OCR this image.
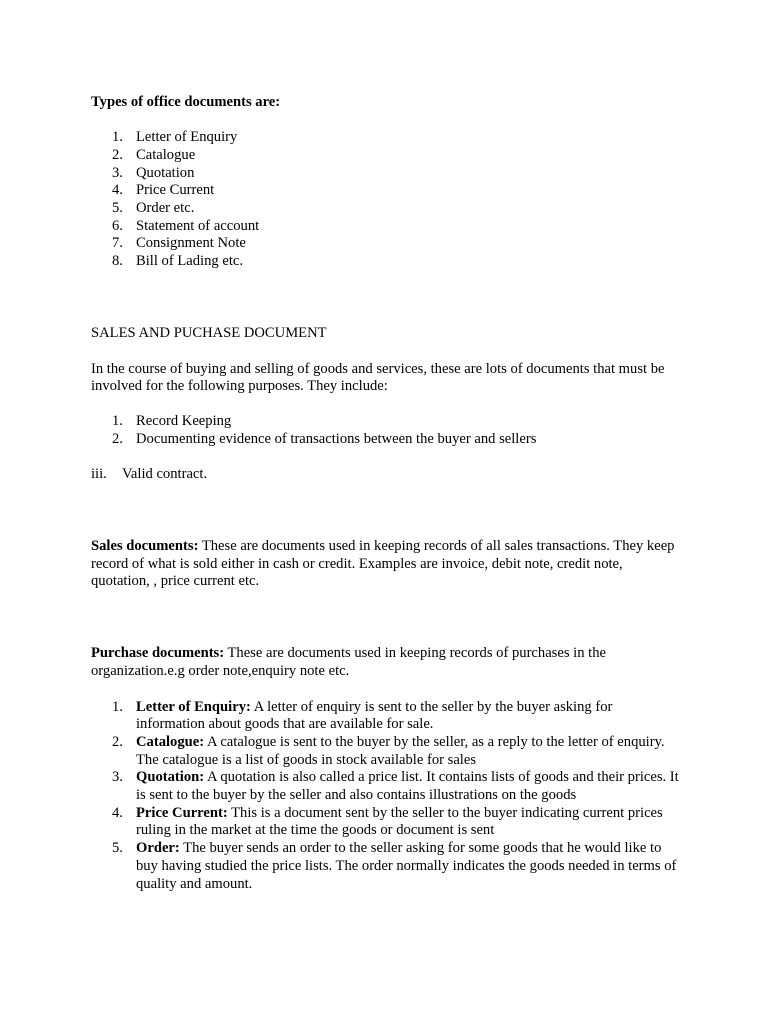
Types of office documents are:

1. Letter of Enquiry
2. Catalogue
3. Quotation
4. Price Current
5. Order etc.
6. Statement of account
7. Consignment Note
8. Bill of Lading etc.

SALES AND PUCHASE DOCUMENT

In the course of buying and selling of goods and services, these are lots of documents that must be involved for the following purposes. They include:

1. Record Keeping
2. Documenting evidence of transactions between the buyer and sellers

iii. Valid contract.

Sales documents: These are documents used in keeping records of all sales transactions. They keep record of what is sold either in cash or credit. Examples are invoice, debit note, credit note, quotation, , price current etc.

Purchase documents: These are documents used in keeping records of purchases in the organization.e.g order note,enquiry note etc.

1. Letter of Enquiry: A letter of enquiry is sent to the seller by the buyer asking for information about goods that are available for sale.
2. Catalogue: A catalogue is sent to the buyer by the seller, as a reply to the letter of enquiry. The catalogue is a list of goods in stock available for sales
3. Quotation: A quotation is also called a price list. It contains lists of goods and their prices. It is sent to the buyer by the seller and also contains illustrations on the goods
4. Price Current: This is a document sent by the seller to the buyer indicating current prices ruling in the market at the time the goods or document is sent
5. Order: The buyer sends an order to the seller asking for some goods that he would like to buy having studied the price lists. The order normally indicates the goods needed in terms of quality and amount.
